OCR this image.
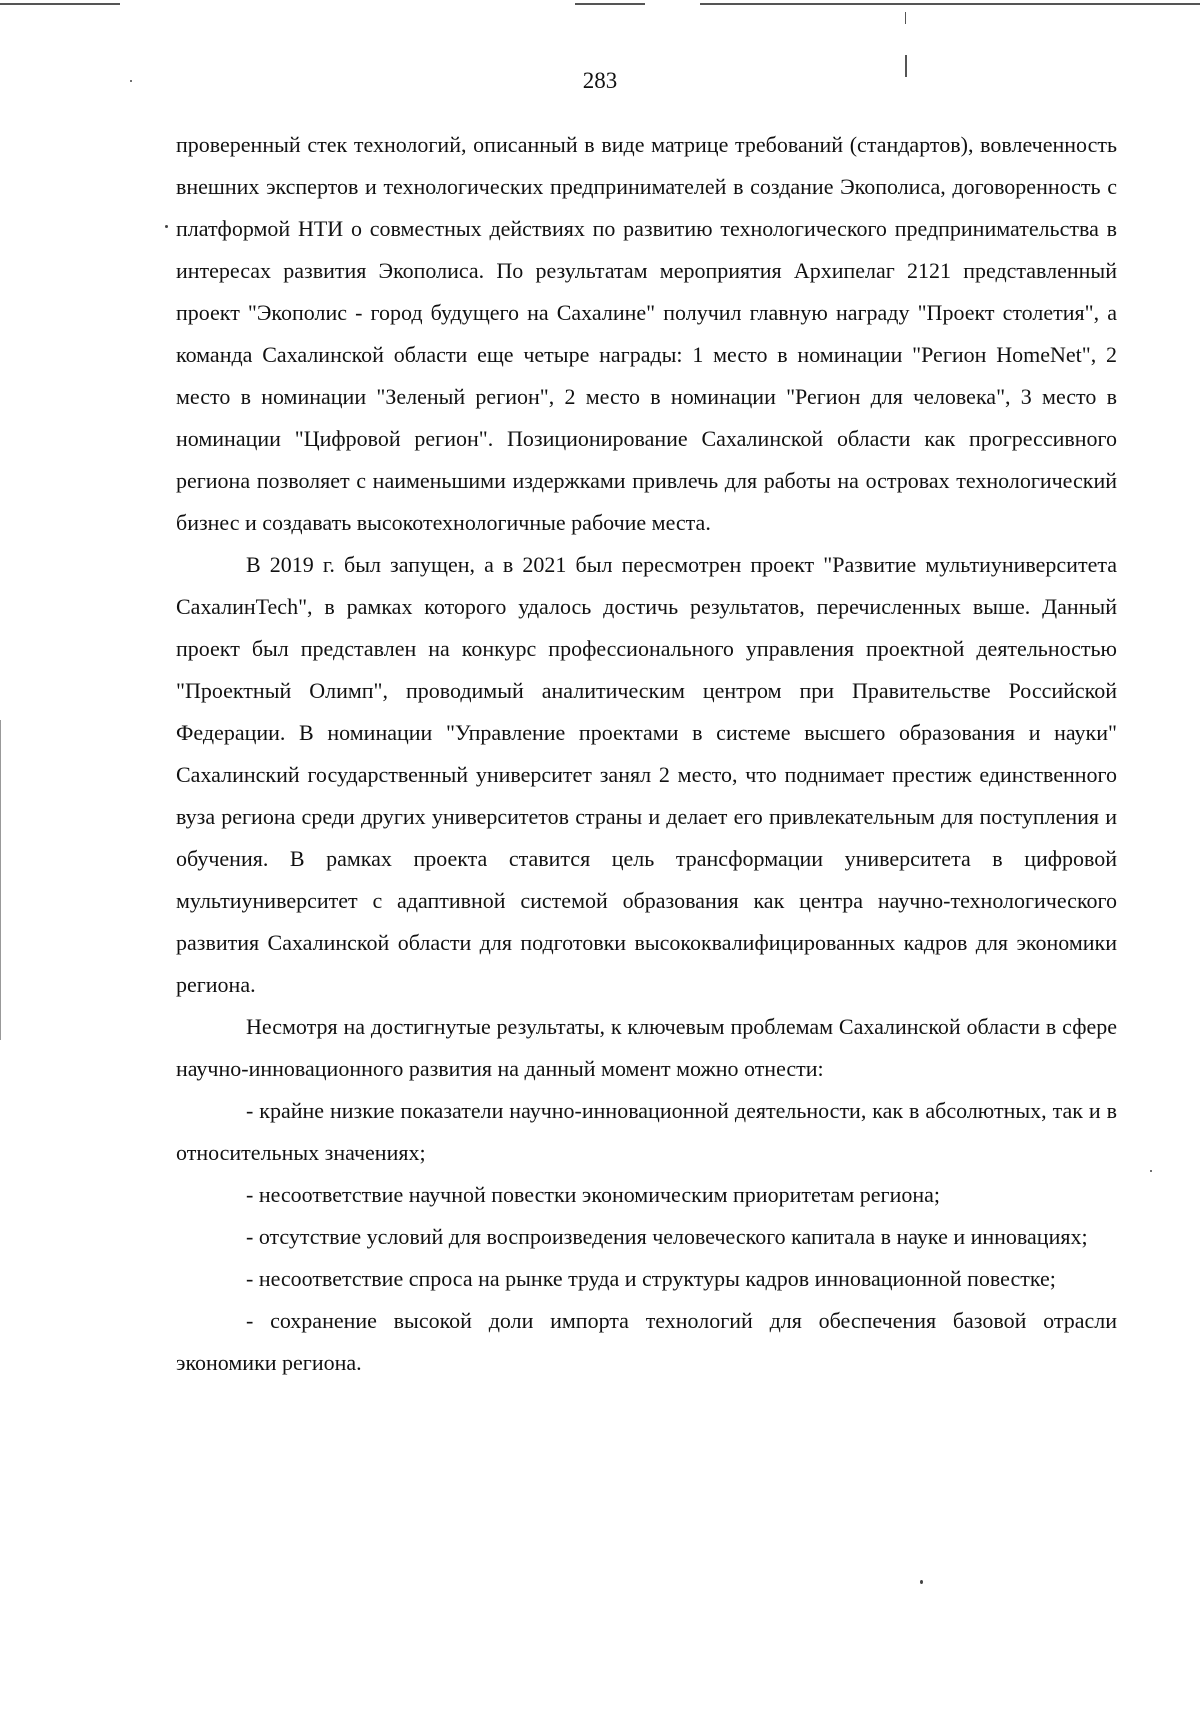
283

проверенный стек технологий, описанный в виде матрице требований (стандартов), вовлеченность внешних экспертов и технологических предпринимателей в создание Экополиса, договоренность с платформой НТИ о совместных действиях по развитию технологического предпринимательства в интересах развития Экополиса. По результатам мероприятия Архипелаг 2121 представленный проект "Экополис - город будущего на Сахалине" получил главную награду "Проект столетия", а команда Сахалинской области еще четыре награды: 1 место в номинации "Регион HomeNet", 2 место в номинации "Зеленый регион", 2 место в номинации "Регион для человека", 3 место в номинации "Цифровой регион". Позиционирование Сахалинской области как прогрессивного региона позволяет с наименьшими издержками привлечь для работы на островах технологический бизнес и создавать высокотехнологичные рабочие места.

В 2019 г. был запущен, а в 2021 был пересмотрен проект "Развитие мультиуниверситета СахалинTech", в рамках которого удалось достичь результатов, перечисленных выше. Данный проект был представлен на конкурс профессионального управления проектной деятельностью "Проектный Олимп", проводимый аналитическим центром при Правительстве Российской Федерации. В номинации "Управление проектами в системе высшего образования и науки" Сахалинский государственный университет занял 2 место, что поднимает престиж единственного вуза региона среди других университетов страны и делает его привлекательным для поступления и обучения. В рамках проекта ставится цель трансформации университета в цифровой мультиуниверситет с адаптивной системой образования как центра научно-технологического развития Сахалинской области для подготовки высококвалифицированных кадров для экономики региона.

Несмотря на достигнутые результаты, к ключевым проблемам Сахалинской области в сфере научно-инновационного развития на данный момент можно отнести:

- крайне низкие показатели научно-инновационной деятельности, как в абсолютных, так и в относительных значениях;

- несоответствие научной повестки экономическим приоритетам региона;

- отсутствие условий для воспроизведения человеческого капитала в науке и инновациях;

- несоответствие спроса на рынке труда и структуры кадров инновационной повестке;

- сохранение высокой доли импорта технологий для обеспечения базовой отрасли экономики региона.
